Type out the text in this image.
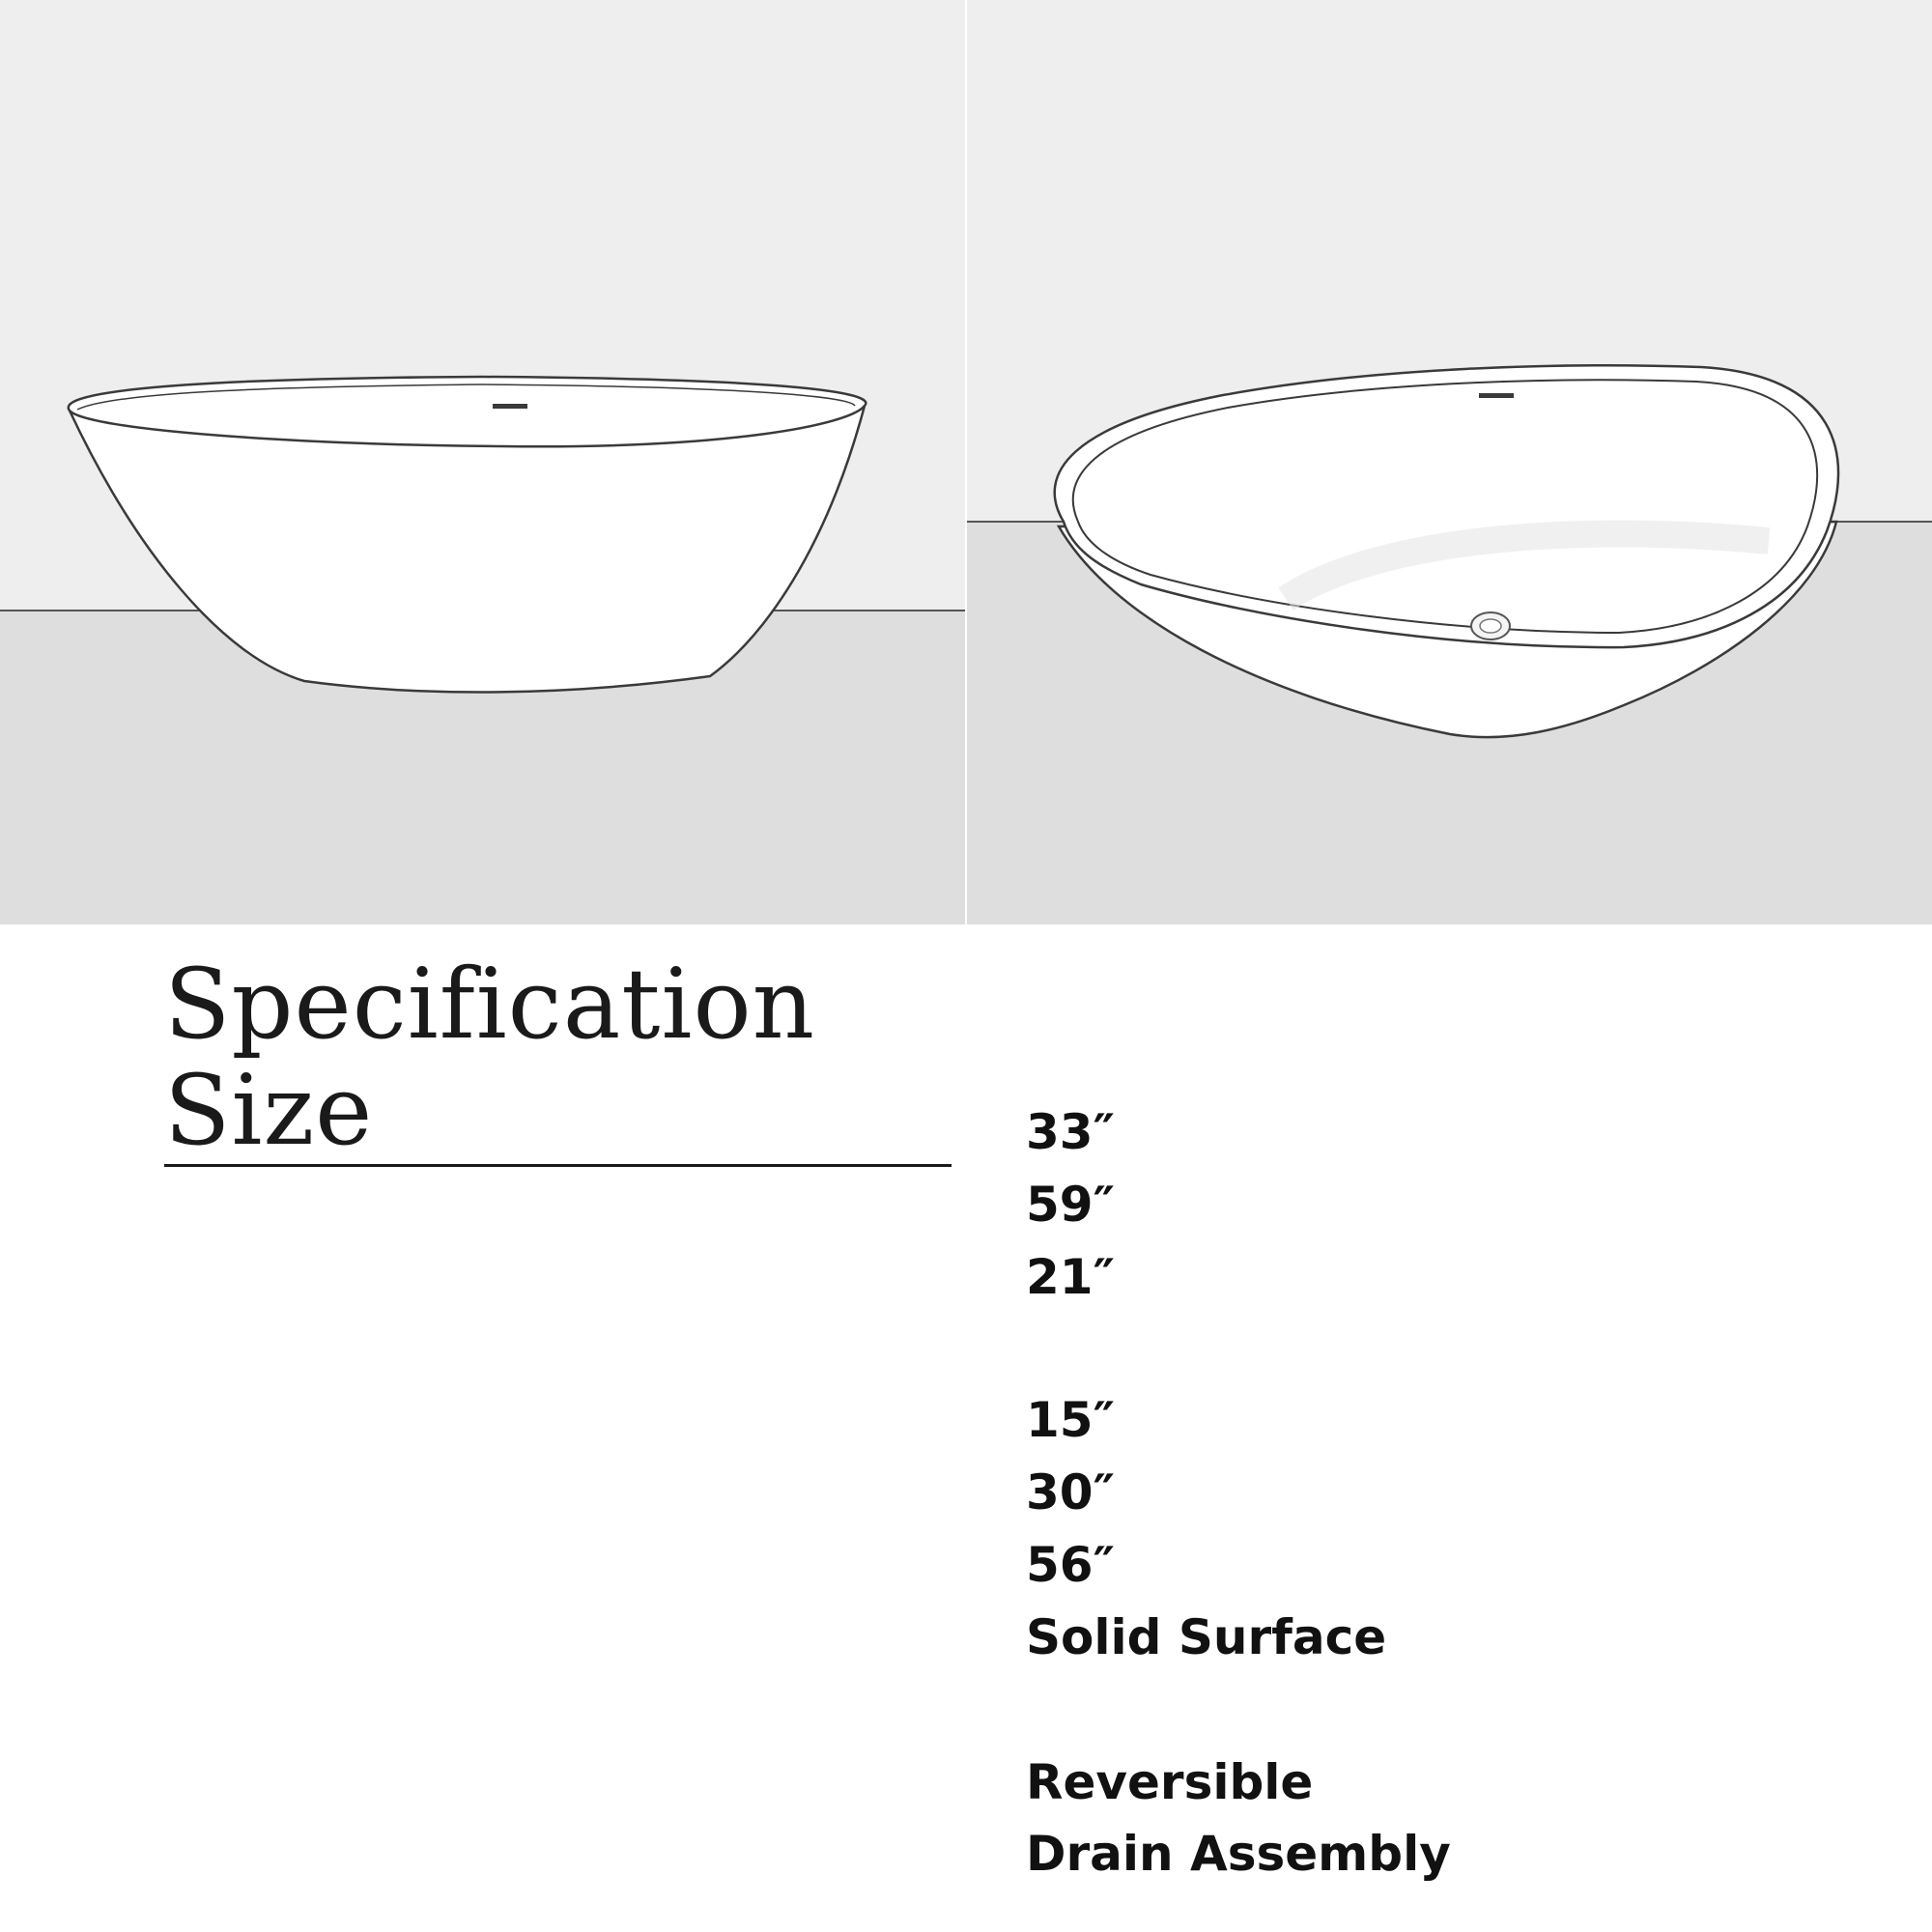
Specification Size	33″
59″
21″
15″
30″
56″
Solid Surface
Reversible
Drain Assembly
